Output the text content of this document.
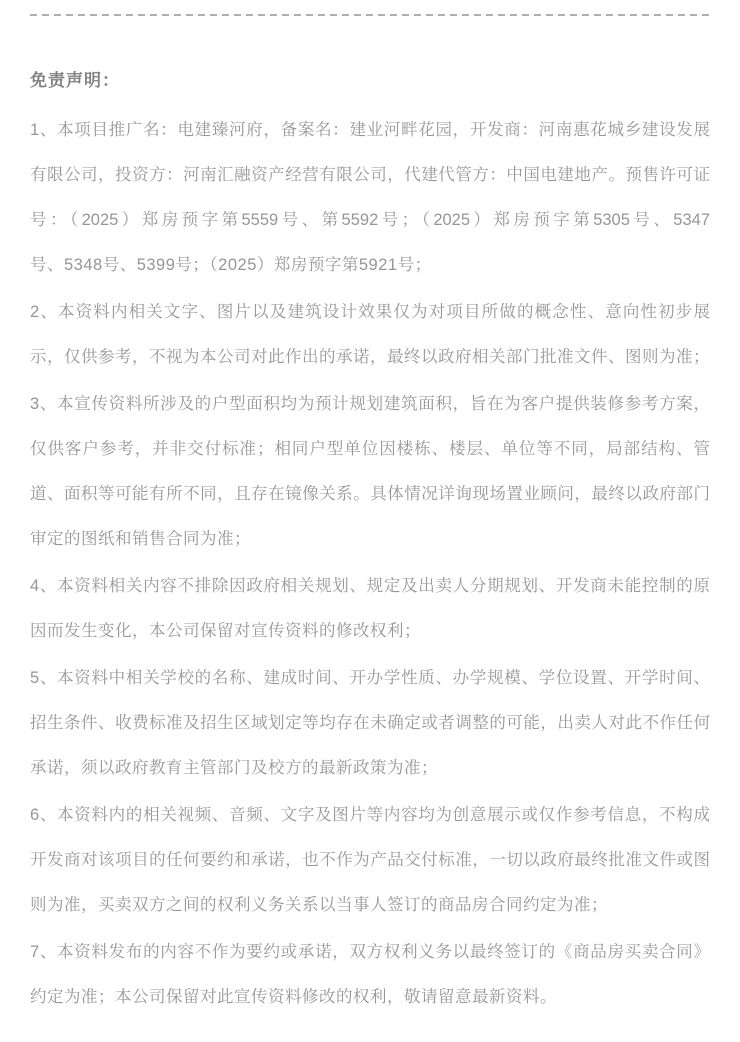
免责声明：

1、本项目推广名：电建臻河府，备案名：建业河畔花园，开发商：河南惠花城乡建设发展
有限公司，投资方：河南汇融资产经营有限公司，代建代管方：中国电建地产。预售许可证
号：（2025）郑房预字第5559号、第5592号；（2025）郑房预字第5305号、5347
号、5348号、5399号；（2025）郑房预字第5921号；

2、本资料内相关文字、图片以及建筑设计效果仅为对项目所做的概念性、意向性初步展
示，仅供参考，不视为本公司对此作出的承诺，最终以政府相关部门批准文件、图则为准；

3、本宣传资料所涉及的户型面积均为预计规划建筑面积，旨在为客户提供装修参考方案，
仅供客户参考，并非交付标准；相同户型单位因楼栋、楼层、单位等不同，局部结构、管
道、面积等可能有所不同，且存在镜像关系。具体情况详询现场置业顾问，最终以政府部门
审定的图纸和销售合同为准；

4、本资料相关内容不排除因政府相关规划、规定及出卖人分期规划、开发商未能控制的原
因而发生变化，本公司保留对宣传资料的修改权利；

5、本资料中相关学校的名称、建成时间、开办学性质、办学规模、学位设置、开学时间、
招生条件、收费标准及招生区域划定等均存在未确定或者调整的可能，出卖人对此不作任何
承诺，须以政府教育主管部门及校方的最新政策为准；

6、本资料内的相关视频、音频、文字及图片等内容均为创意展示或仅作参考信息，不构成
开发商对该项目的任何要约和承诺，也不作为产品交付标准，一切以政府最终批准文件或图
则为准，买卖双方之间的权利义务关系以当事人签订的商品房合同约定为准；

7、本资料发布的内容不作为要约或承诺，双方权利义务以最终签订的《商品房买卖合同》
约定为准；本公司保留对此宣传资料修改的权利，敬请留意最新资料。
